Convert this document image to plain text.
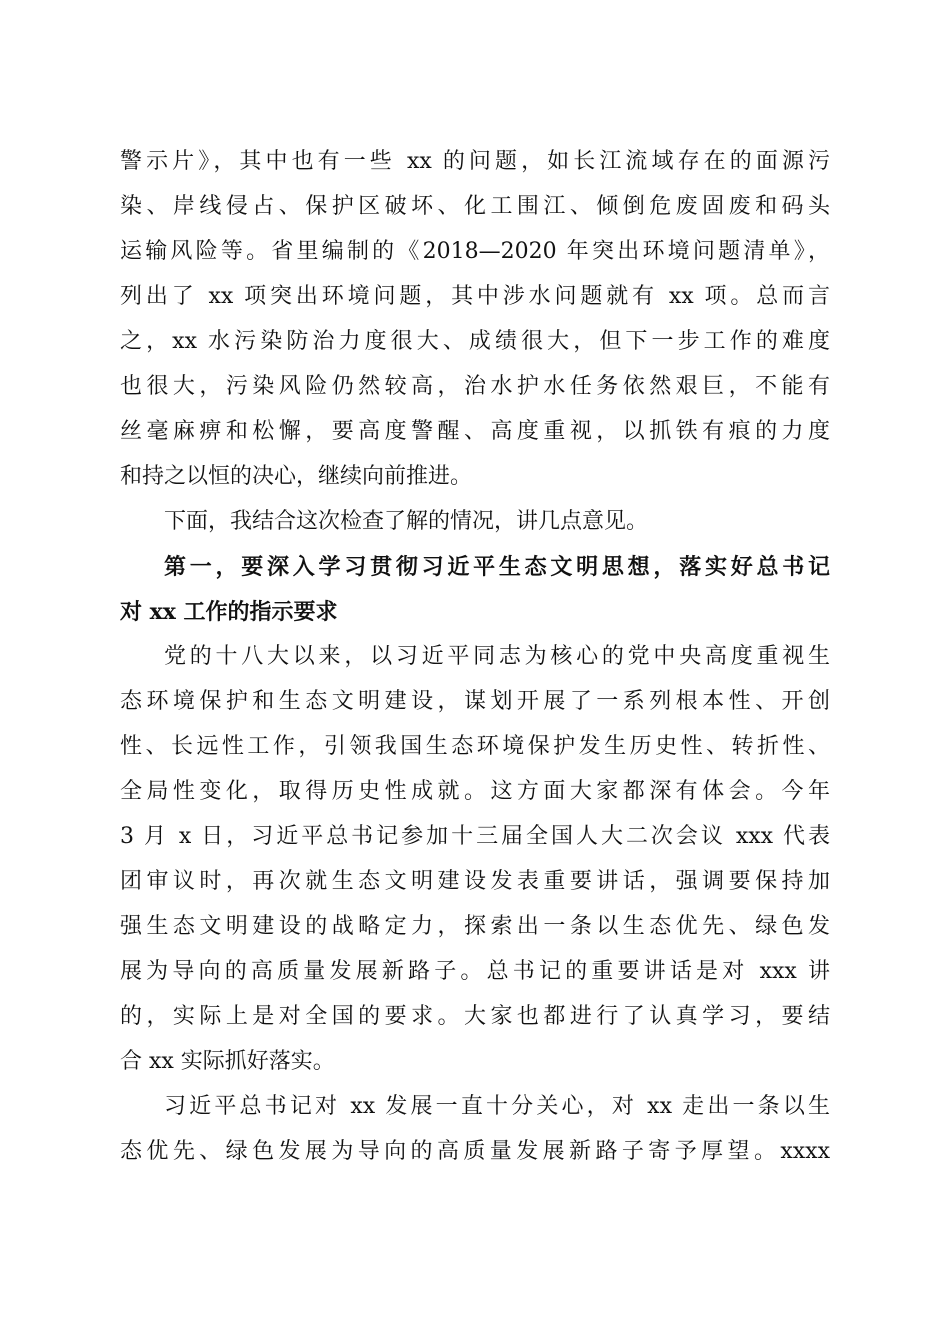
警示片》，其中也有一些 xx 的问题，如长江流域存在的面源污
染、岸线侵占、保护区破坏、化工围江、倾倒危废固废和码头
运输风险等。省里编制的《2018—2020 年突出环境问题清单》，
列出了 xx 项突出环境问题，其中涉水问题就有 xx 项。总而言
之，xx 水污染防治力度很大、成绩很大，但下一步工作的难度
也很大，污染风险仍然较高，治水护水任务依然艰巨，不能有
丝毫麻痹和松懈，要高度警醒、高度重视，以抓铁有痕的力度
和持之以恒的决心，继续向前推进。
下面，我结合这次检查了解的情况，讲几点意见。
第一，要深入学习贯彻习近平生态文明思想，落实好总书记
对 xx 工作的指示要求
党的十八大以来，以习近平同志为核心的党中央高度重视生
态环境保护和生态文明建设，谋划开展了一系列根本性、开创
性、长远性工作，引领我国生态环境保护发生历史性、转折性、
全局性变化，取得历史性成就。这方面大家都深有体会。今年
3 月 x 日，习近平总书记参加十三届全国人大二次会议 xxx 代表
团审议时，再次就生态文明建设发表重要讲话，强调要保持加
强生态文明建设的战略定力，探索出一条以生态优先、绿色发
展为导向的高质量发展新路子。总书记的重要讲话是对 xxx 讲
的，实际上是对全国的要求。大家也都进行了认真学习，要结
合 xx 实际抓好落实。
习近平总书记对 xx 发展一直十分关心，对 xx 走出一条以生
态优先、绿色发展为导向的高质量发展新路子寄予厚望。xxxx
